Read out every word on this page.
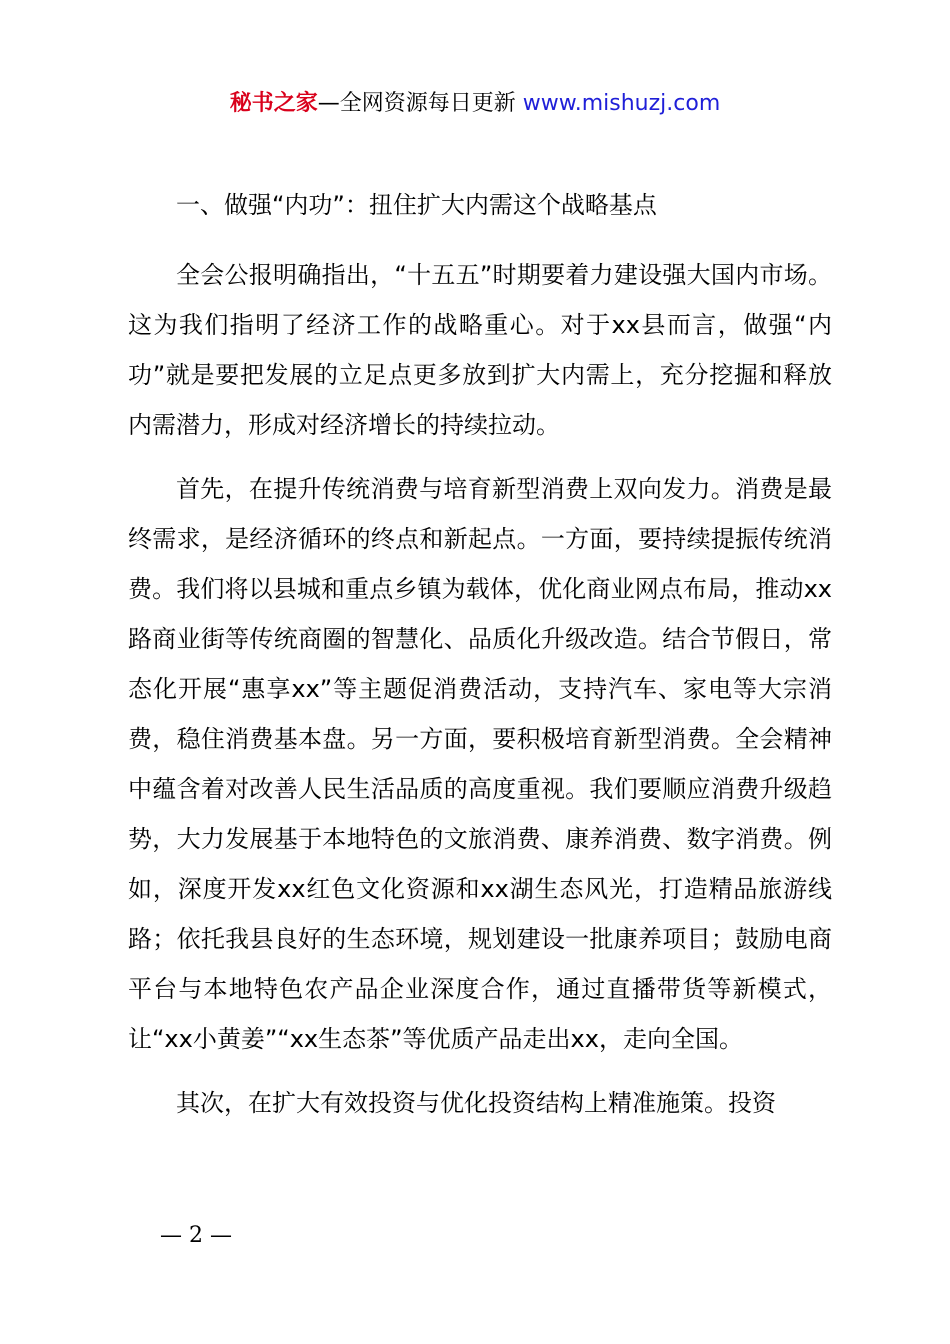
秘书之家—全网资源每日更新 www.mishuzj.com

一、做强“内功”：扭住扩大内需这个战略基点

全会公报明确指出，“十五五”时期要着力建设强大国内市场。这为我们指明了经济工作的战略重心。对于xx县而言，做强“内功”就是要把发展的立足点更多放到扩大内需上，充分挖掘和释放内需潜力，形成对经济增长的持续拉动。

首先，在提升传统消费与培育新型消费上双向发力。消费是最终需求，是经济循环的终点和新起点。一方面，要持续提振传统消费。我们将以县城和重点乡镇为载体，优化商业网点布局，推动xx路商业街等传统商圈的智慧化、品质化升级改造。结合节假日，常态化开展“惠享xx”等主题促消费活动，支持汽车、家电等大宗消费，稳住消费基本盘。另一方面，要积极培育新型消费。全会精神中蕴含着对改善人民生活品质的高度重视。我们要顺应消费升级趋势，大力发展基于本地特色的文旅消费、康养消费、数字消费。例如，深度开发xx红色文化资源和xx湖生态风光，打造精品旅游线路；依托我县良好的生态环境，规划建设一批康养项目；鼓励电商平台与本地特色农产品企业深度合作，通过直播带货等新模式，让“xx小黄姜”“xx生态茶”等优质产品走出xx，走向全国。

其次，在扩大有效投资与优化投资结构上精准施策。投资

— 2 —
